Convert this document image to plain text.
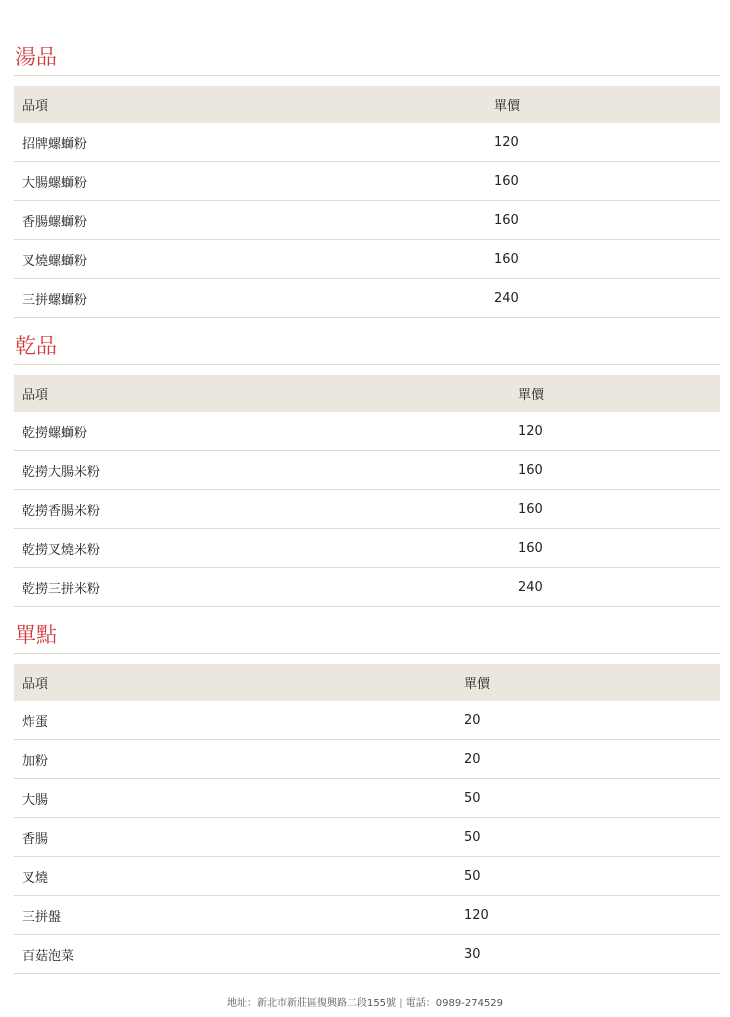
湯品
品項	單價
招牌螺螄粉	120
大腸螺螄粉	160
香腸螺螄粉	160
叉燒螺螄粉	160
三拼螺螄粉	240
乾品
品項	單價
乾撈螺螄粉	120
乾撈大腸米粉	160
乾撈香腸米粉	160
乾撈叉燒米粉	160
乾撈三拼米粉	240
單點
品項	單價
炸蛋	20
加粉	20
大腸	50
香腸	50
叉燒	50
三拼盤	120
百菇泡菜	30
地址：新北市新莊區復興路二段155號 | 電話：0989-274529
